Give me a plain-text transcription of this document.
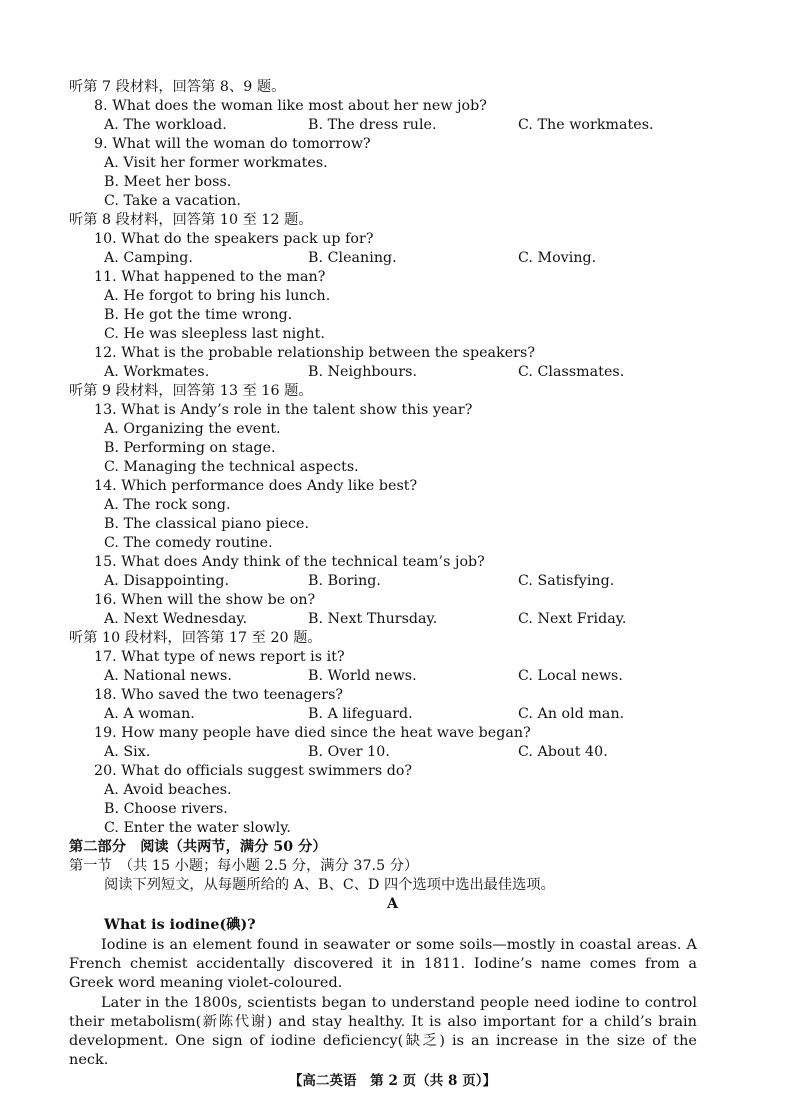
听第 7 段材料，回答第 8、9 题。
8. What does the woman like most about her new job?
A. The workload.	B. The dress rule.	C. The workmates.
9. What will the woman do tomorrow?
A. Visit her former workmates.
B. Meet her boss.
C. Take a vacation.
听第 8 段材料，回答第 10 至 12 题。
10. What do the speakers pack up for?
A. Camping.	B. Cleaning.	C. Moving.
11. What happened to the man?
A. He forgot to bring his lunch.
B. He got the time wrong.
C. He was sleepless last night.
12. What is the probable relationship between the speakers?
A. Workmates.	B. Neighbours.	C. Classmates.
听第 9 段材料，回答第 13 至 16 题。
13. What is Andy’s role in the talent show this year?
A. Organizing the event.
B. Performing on stage.
C. Managing the technical aspects.
14. Which performance does Andy like best?
A. The rock song.
B. The classical piano piece.
C. The comedy routine.
15. What does Andy think of the technical team’s job?
A. Disappointing.	B. Boring.	C. Satisfying.
16. When will the show be on?
A. Next Wednesday.	B. Next Thursday.	C. Next Friday.
听第 10 段材料，回答第 17 至 20 题。
17. What type of news report is it?
A. National news.	B. World news.	C. Local news.
18. Who saved the two teenagers?
A. A woman.	B. A lifeguard.	C. An old man.
19. How many people have died since the heat wave began?
A. Six.	B. Over 10.	C. About 40.
20. What do officials suggest swimmers do?
A. Avoid beaches.
B. Choose rivers.
C. Enter the water slowly.
第二部分　阅读（共两节，满分 50 分）
第一节　（共 15 小题；每小题 2.5 分，满分 37.5 分）
阅读下列短文，从每题所给的 A、B、C、D 四个选项中选出最佳选项。
A
What is iodine(碘)?
Iodine is an element found in seawater or some soils—mostly in coastal areas. A French chemist accidentally discovered it in 1811. Iodine’s name comes from a Greek word meaning violet-coloured.
Later in the 1800s, scientists began to understand people need iodine to control their metabolism(新陈代谢) and stay healthy. It is also important for a child’s brain development. One sign of iodine deficiency(缺乏) is an increase in the size of the neck.
【高二英语　第 2 页（共 8 页）】
